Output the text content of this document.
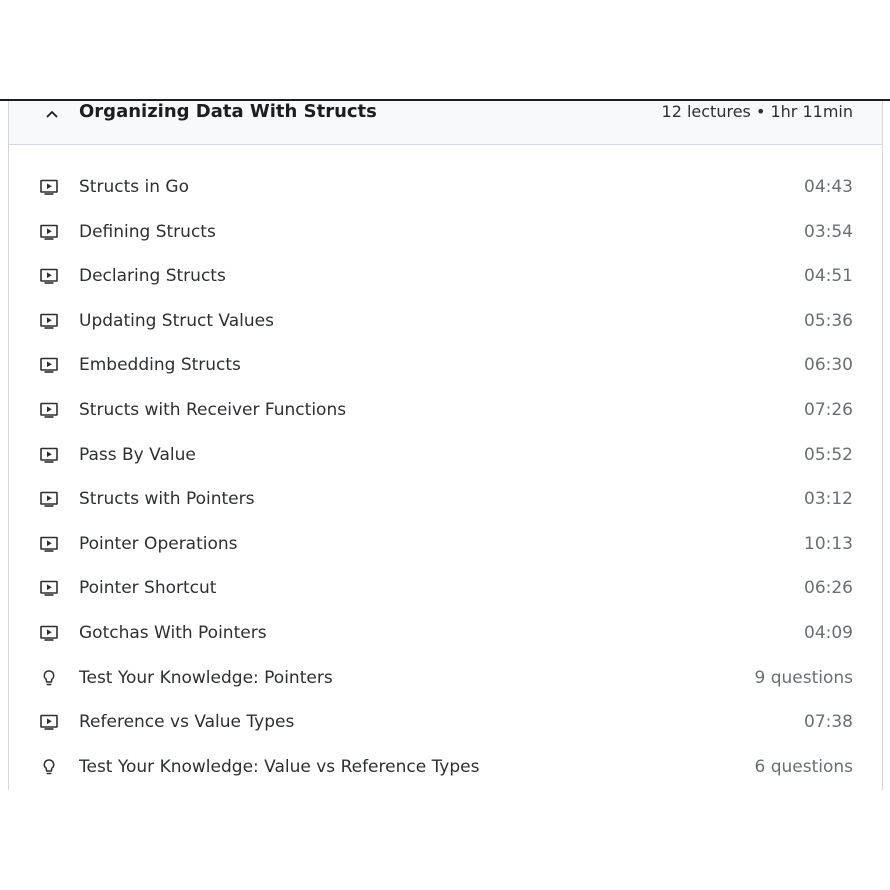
Organizing Data With Structs	12 lectures • 1hr 11min
Structs in Go	04:43
Defining Structs	03:54
Declaring Structs	04:51
Updating Struct Values	05:36
Embedding Structs	06:30
Structs with Receiver Functions	07:26
Pass By Value	05:52
Structs with Pointers	03:12
Pointer Operations	10:13
Pointer Shortcut	06:26
Gotchas With Pointers	04:09
Test Your Knowledge: Pointers	9 questions
Reference vs Value Types	07:38
Test Your Knowledge: Value vs Reference Types	6 questions
